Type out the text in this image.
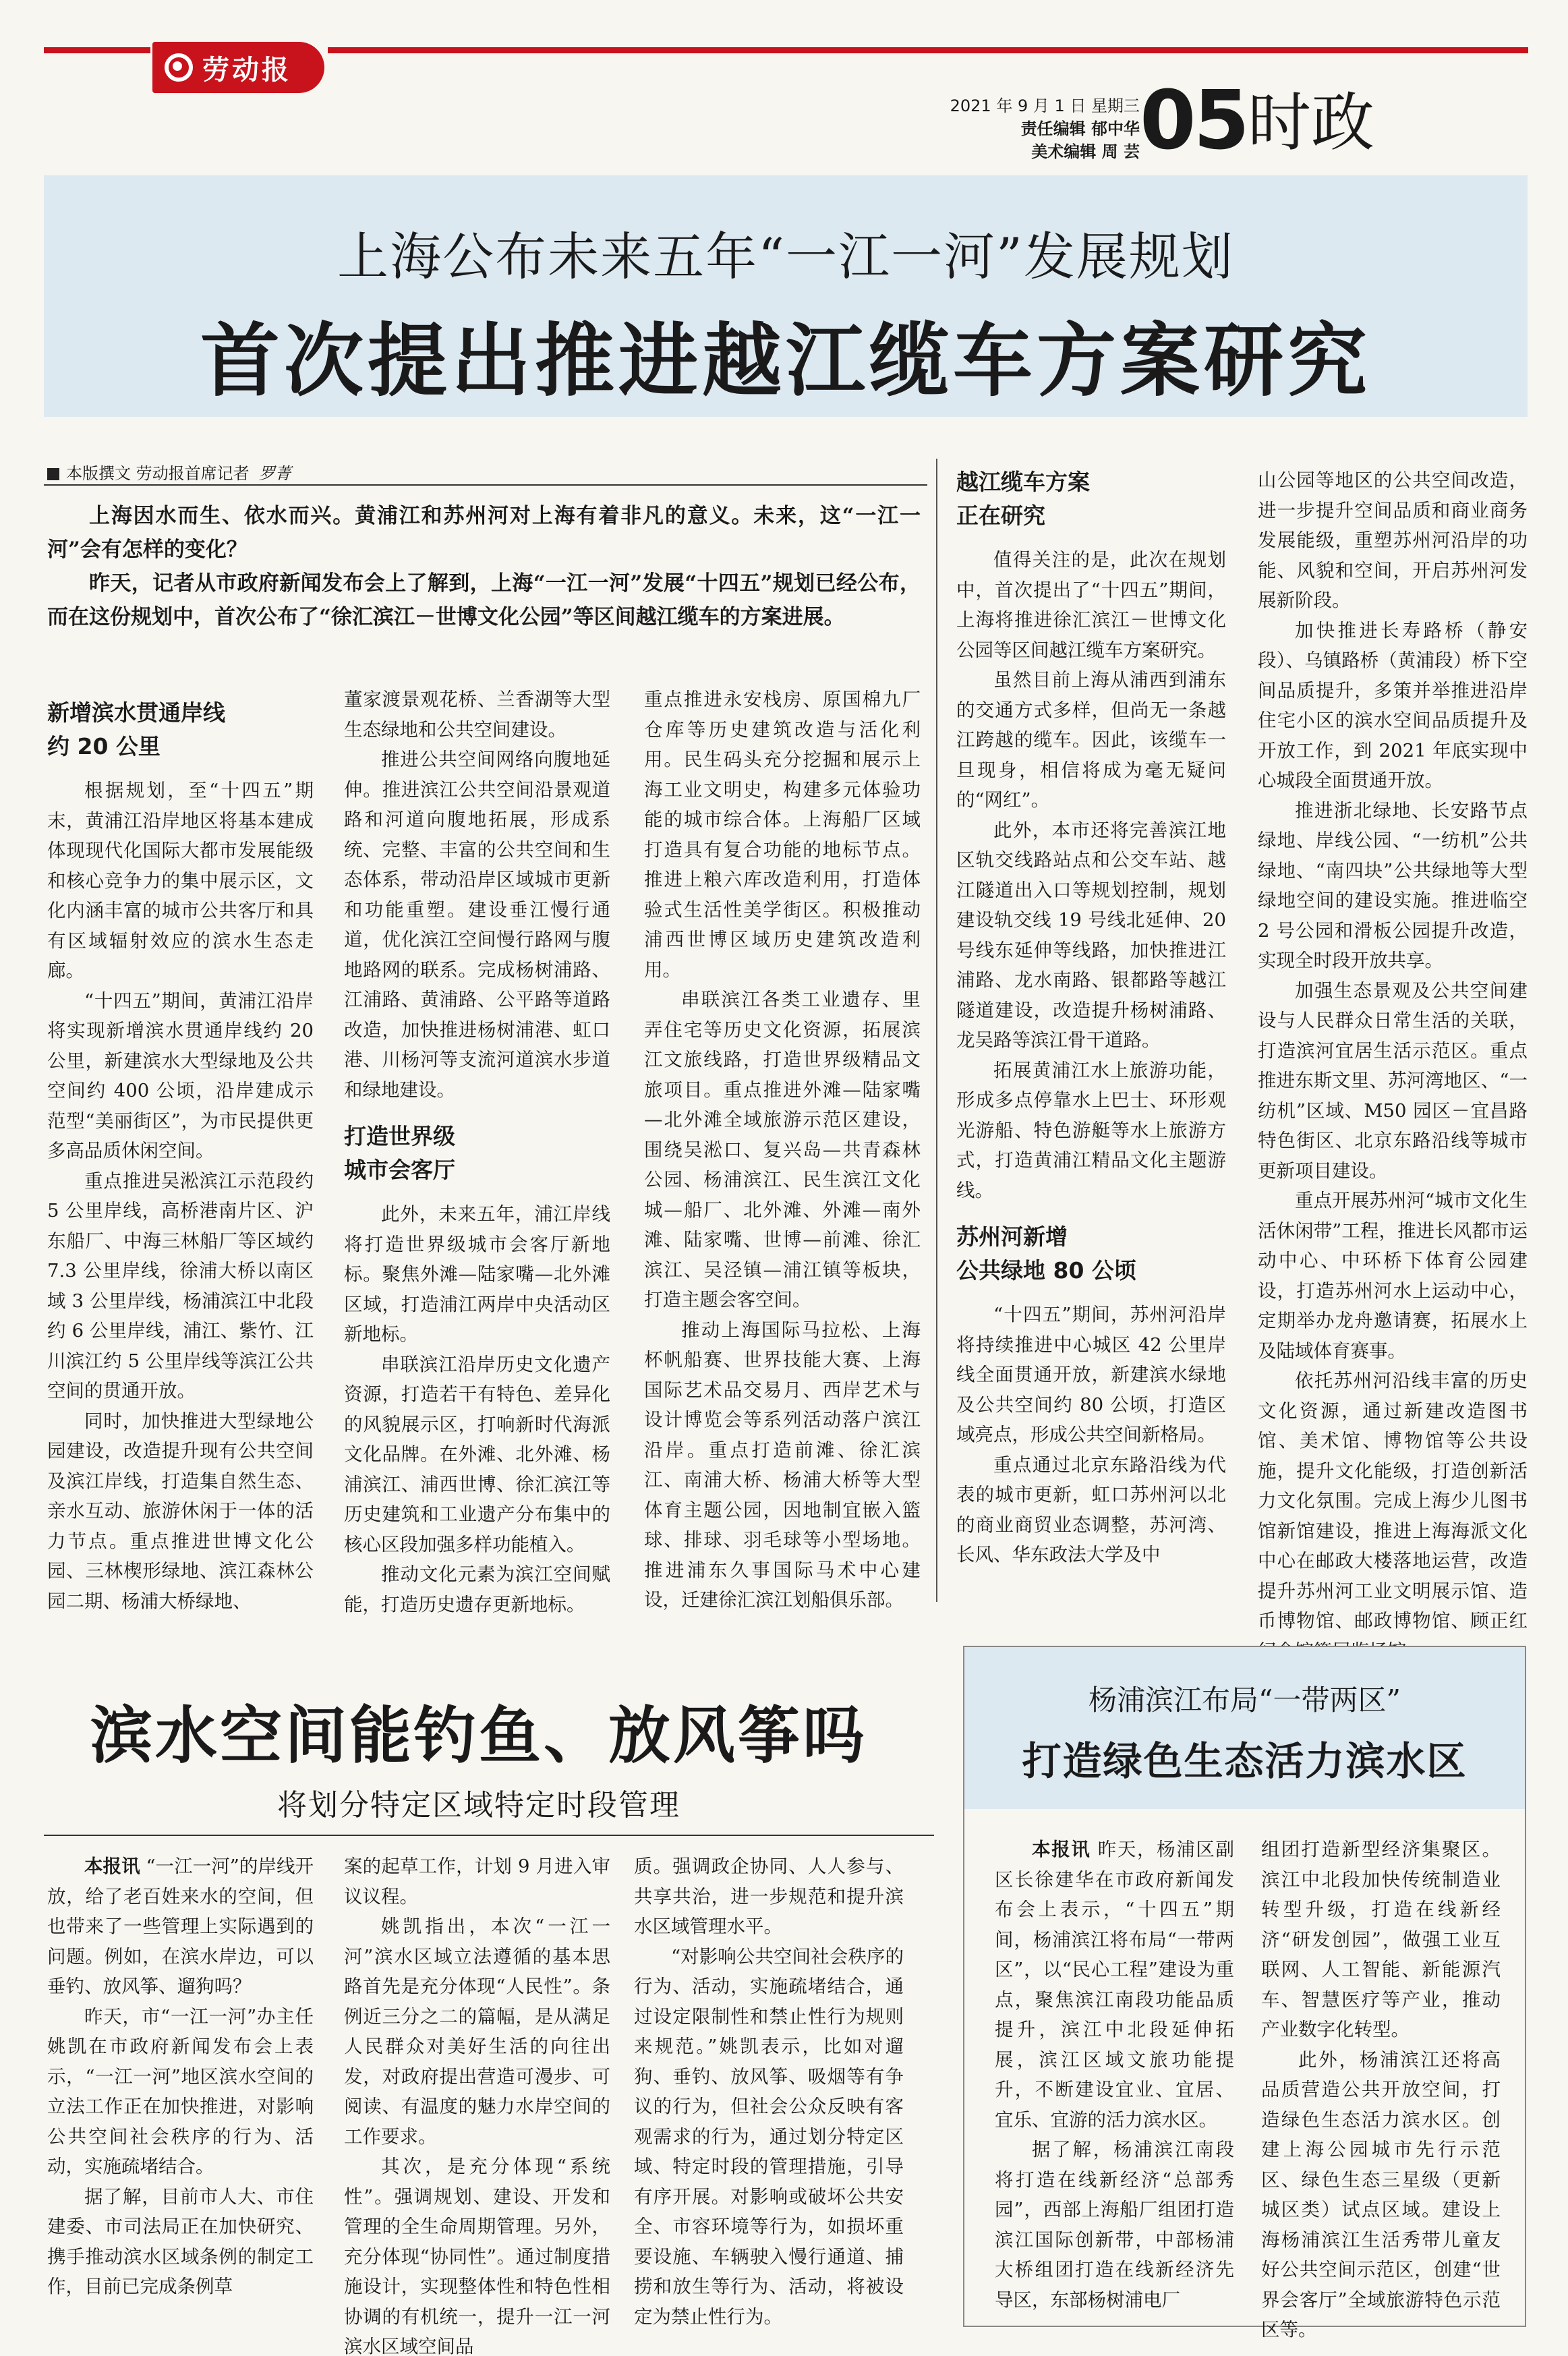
劳动报
2021 年 9 月 1 日 星期三
责任编辑 郁中华
美术编辑 周 芸 05 时政
上海公布未来五年“一江一河”发展规划
首次提出推进越江缆车方案研究
本版撰文 劳动报首席记者 罗菁

上海因水而生、依水而兴。黄浦江和苏州河对上海有着非凡的意义。未来，这“一江一河”会有怎样的变化？

昨天，记者从市政府新闻发布会上了解到，上海“一江一河”发展“十四五”规划已经公布，而在这份规划中，首次公布了“徐汇滨江－世博文化公园”等区间越江缆车的方案进展。

新增滨水贯通岸线
约 20 公里

根据规划，至“十四五”期末，黄浦江沿岸地区将基本建成体现现代化国际大都市发展能级和核心竞争力的集中展示区，文化内涵丰富的城市公共客厅和具有区域辐射效应的滨水生态走廊。

“十四五”期间，黄浦江沿岸将实现新增滨水贯通岸线约 20 公里，新建滨水大型绿地及公共空间约 400 公顷，沿岸建成示范型“美丽街区”，为市民提供更多高品质休闲空间。

重点推进吴淞滨江示范段约 5 公里岸线，高桥港南片区、沪东船厂、中海三林船厂等区域约 7.3 公里岸线，徐浦大桥以南区域 3 公里岸线，杨浦滨江中北段约 6 公里岸线，浦江、紫竹、江川滨江约 5 公里岸线等滨江公共空间的贯通开放。

同时，加快推进大型绿地公园建设，改造提升现有公共空间及滨江岸线，打造集自然生态、亲水互动、旅游休闲于一体的活力节点。重点推进世博文化公园、三林楔形绿地、滨江森林公园二期、杨浦大桥绿地、

董家渡景观花桥、兰香湖等大型生态绿地和公共空间建设。

推进公共空间网络向腹地延伸。推进滨江公共空间沿景观道路和河道向腹地拓展，形成系统、完整、丰富的公共空间和生态体系，带动沿岸区域城市更新和功能重塑。建设垂江慢行通道，优化滨江空间慢行路网与腹地路网的联系。完成杨树浦路、江浦路、黄浦路、公平路等道路改造，加快推进杨树浦港、虹口港、川杨河等支流河道滨水步道和绿地建设。

打造世界级
城市会客厅

此外，未来五年，浦江岸线将打造世界级城市会客厅新地标。聚焦外滩—陆家嘴—北外滩区域，打造浦江两岸中央活动区新地标。

串联滨江沿岸历史文化遗产资源，打造若干有特色、差异化的风貌展示区，打响新时代海派文化品牌。在外滩、北外滩、杨浦滨江、浦西世博、徐汇滨江等历史建筑和工业遗产分布集中的核心区段加强多样功能植入。

推动文化元素为滨江空间赋能，打造历史遗存更新地标。

重点推进永安栈房、原国棉九厂仓库等历史建筑改造与活化利用。民生码头充分挖掘和展示上海工业文明史，构建多元体验功能的城市综合体。上海船厂区域打造具有复合功能的地标节点。推进上粮六库改造利用，打造体验式生活性美学街区。积极推动浦西世博区域历史建筑改造利用。

串联滨江各类工业遗存、里弄住宅等历史文化资源，拓展滨江文旅线路，打造世界级精品文旅项目。重点推进外滩—陆家嘴—北外滩全域旅游示范区建设，围绕吴淞口、复兴岛—共青森林公园、杨浦滨江、民生滨江文化城—船厂、北外滩、外滩—南外滩、陆家嘴、世博—前滩、徐汇滨江、吴泾镇—浦江镇等板块，打造主题会客空间。

推动上海国际马拉松、上海杯帆船赛、世界技能大赛、上海国际艺术品交易月、西岸艺术与设计博览会等系列活动落户滨江沿岸。重点打造前滩、徐汇滨江、南浦大桥、杨浦大桥等大型体育主题公园，因地制宜嵌入篮球、排球、羽毛球等小型场地。推进浦东久事国际马术中心建设，迁建徐汇滨江划船俱乐部。

越江缆车方案
正在研究

值得关注的是，此次在规划中，首次提出了“十四五”期间，上海将推进徐汇滨江－世博文化公园等区间越江缆车方案研究。

虽然目前上海从浦西到浦东的交通方式多样，但尚无一条越江跨越的缆车。因此，该缆车一旦现身，相信将成为毫无疑问的“网红”。

此外，本市还将完善滨江地区轨交线路站点和公交车站、越江隧道出入口等规划控制，规划建设轨交线 19 号线北延伸、20 号线东延伸等线路，加快推进江浦路、龙水南路、银都路等越江隧道建设，改造提升杨树浦路、龙吴路等滨江骨干道路。

拓展黄浦江水上旅游功能，形成多点停靠水上巴士、环形观光游船、特色游艇等水上旅游方式，打造黄浦江精品文化主题游线。

苏州河新增
公共绿地 80 公顷

“十四五”期间，苏州河沿岸将持续推进中心城区 42 公里岸线全面贯通开放，新建滨水绿地及公共空间约 80 公顷，打造区域亮点，形成公共空间新格局。

重点通过北京东路沿线为代表的城市更新，虹口苏州河以北的商业商贸业态调整，苏河湾、长风、华东政法大学及中

山公园等地区的公共空间改造，进一步提升空间品质和商业商务发展能级，重塑苏州河沿岸的功能、风貌和空间，开启苏州河发展新阶段。

加快推进长寿路桥（静安段）、乌镇路桥（黄浦段）桥下空间品质提升，多策并举推进沿岸住宅小区的滨水空间品质提升及开放工作，到 2021 年底实现中心城段全面贯通开放。

推进浙北绿地、长安路节点绿地、岸线公园、“一纺机”公共绿地、“南四块”公共绿地等大型绿地空间的建设实施。推进临空 2 号公园和滑板公园提升改造，实现全时段开放共享。

加强生态景观及公共空间建设与人民群众日常生活的关联，打造滨河宜居生活示范区。重点推进东斯文里、苏河湾地区、“一纺机”区域、M50 园区－宜昌路特色街区、北京东路沿线等城市更新项目建设。

重点开展苏州河“城市文化生活休闲带”工程，推进长风都市运动中心、中环桥下体育公园建设，打造苏州河水上运动中心，定期举办龙舟邀请赛，拓展水上及陆域体育赛事。

依托苏州河沿线丰富的历史文化资源，通过新建改造图书馆、美术馆、博物馆等公共设施，提升文化能级，打造创新活力文化氛围。完成上海少儿图书馆新馆建设，推进上海海派文化中心在邮政大楼落地运营，改造提升苏州河工业文明展示馆、造币博物馆、邮政博物馆、顾正红

滨水空间能钓鱼、放风筝吗
将划分特定区域特定时段管理

本报讯 “一江一河”的岸线开放，给了老百姓来水的空间，但也带来了一些管理上实际遇到的问题。例如，在滨水岸边，可以垂钓、放风筝、遛狗吗？

昨天，市“一江一河”办主任姚凯在市政府新闻发布会上表示，“一江一河”地区滨水空间的立法工作正在加快推进，对影响公共空间社会秩序的行为、活动，实施疏堵结合。

据了解，目前市人大、市住建委、市司法局正在加快研究、携手推动滨水区域条例的制定工作，目前已完成条例草

案的起草工作，计划 9 月进入审议议程。

姚凯指出，本次“一江一河”滨水区域立法遵循的基本思路首先是充分体现“人民性”。条例近三分之二的篇幅，是从满足人民群众对美好生活的向往出发，对政府提出营造可漫步、可阅读、有温度的魅力水岸空间的工作要求。

其次，是充分体现“系统性”。强调规划、建设、开发和管理的全生命周期管理。另外，充分体现“协同性”。通过制度措施设计，实现整体性和特色性相协调的有机统一，提升一江一河滨水区域空间品

质。强调政企协同、人人参与、共享共治，进一步规范和提升滨水区域管理水平。

“对影响公共空间社会秩序的行为、活动，实施疏堵结合，通过设定限制性和禁止性行为规则来规范。”姚凯表示，比如对遛狗、垂钓、放风筝、吸烟等有争议的行为，但社会公众反映有客观需求的行为，通过划分特定区域、特定时段的管理措施，引导有序开展。对影响或破坏公共安全、市容环境等行为，如损坏重要设施、车辆驶入慢行通道、捕捞和放生等行为、活动，将被设定为禁止性行为。

杨浦滨江布局“一带两区”
打造绿色生态活力滨水区

本报讯 昨天，杨浦区副区长徐建华在市政府新闻发布会上表示，“十四五”期间，杨浦滨江将布局“一带两区”，以“民心工程”建设为重点，聚焦滨江南段功能品质提升，滨江中北段延伸拓展，滨江区域文旅功能提升，不断建设宜业、宜居、宜乐、宜游的活力滨水区。

据了解，杨浦滨江南段将打造在线新经济“总部秀园”，西部上海船厂组团打造滨江国际创新带，中部杨浦大桥组团打造在线新经济先导区，东部杨树浦电厂

组团打造新型经济集聚区。滨江中北段加快传统制造业转型升级，打造在线新经济“研发创园”，做强工业互联网、人工智能、新能源汽车、智慧医疗等产业，推动产业数字化转型。

此外，杨浦滨江还将高品质营造公共开放空间，打造绿色生态活力滨水区。创建上海公园城市先行示范区、绿色生态三星级（更新城区类）试点区域。建设上海杨浦滨江生活秀带儿童友好公共空间示范区，创建“世界会客厅”全域旅游特色示范区等。
